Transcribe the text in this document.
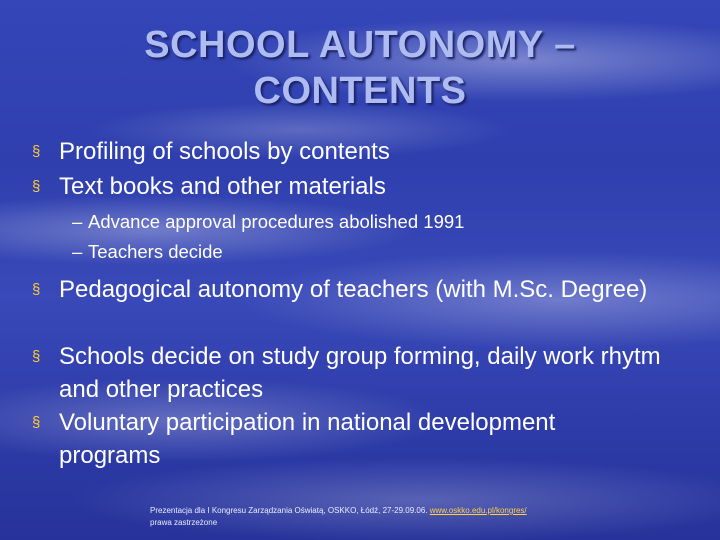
SCHOOL AUTONOMY –
CONTENTS
§ Profiling of schools by contents
§ Text books and other materials
– Advance approval procedures abolished 1991
– Teachers decide
§ Pedagogical autonomy of teachers (with M.Sc. Degree)
§ Schools decide on study group forming, daily work rhytm and other practices
§ Voluntary participation in national development programs
Prezentacja dla I Kongresu Zarządzania Oświatą, OSKKO, Łódź, 27-29.09.06. www.oskko.edu.pl/kongres/
prawa zastrzeżone
